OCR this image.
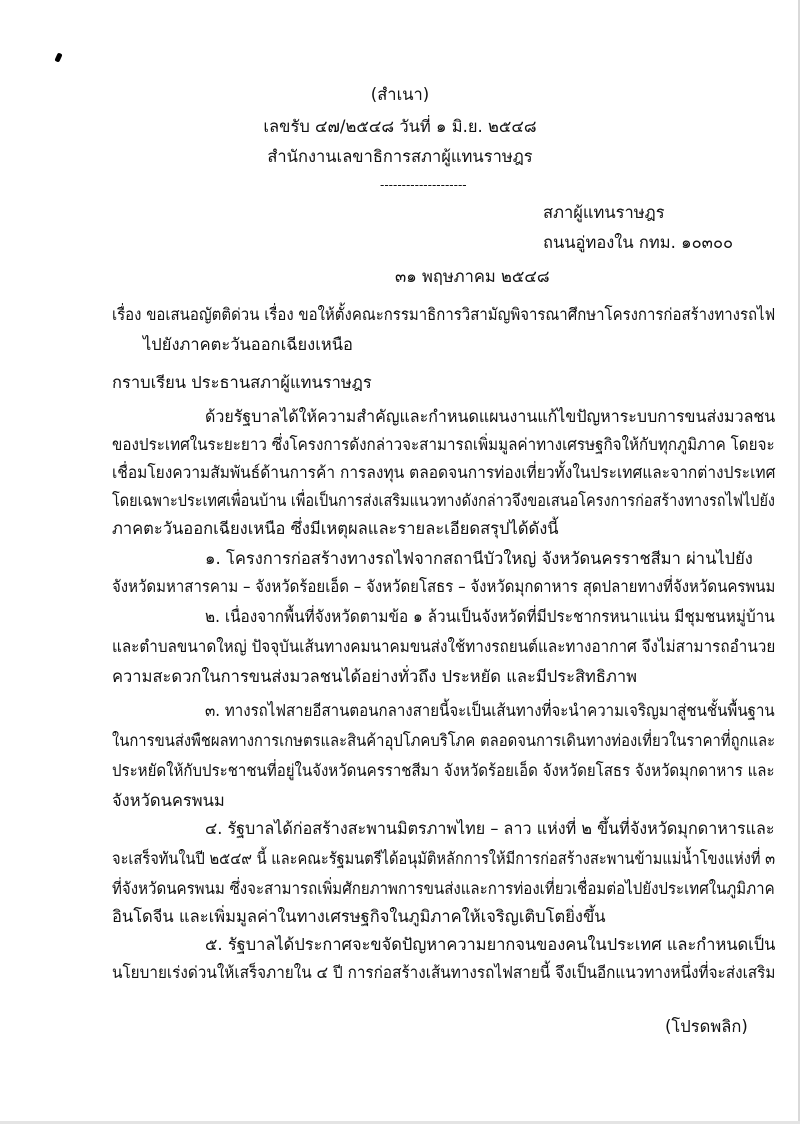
(สำเนา)
เลขรับ ๔๗/๒๕๔๘ วันที่ ๑ มิ.ย. ๒๕๔๘
สำนักงานเลขาธิการสภาผู้แทนราษฎร
--------------------
สภาผู้แทนราษฎร
ถนนอู่ทองใน กทม. ๑๐๓๐๐
๓๑ พฤษภาคม ๒๕๔๘
เรื่อง ขอเสนอญัตติด่วน เรื่อง ขอให้ตั้งคณะกรรมาธิการวิสามัญพิจารณาศึกษาโครงการก่อสร้างทางรถไฟ
ไปยังภาคตะวันออกเฉียงเหนือ
กราบเรียน ประธานสภาผู้แทนราษฎร
ด้วยรัฐบาลได้ให้ความสำคัญและกำหนดแผนงานแก้ไขปัญหาระบบการขนส่งมวลชน
ของประเทศในระยะยาว ซึ่งโครงการดังกล่าวจะสามารถเพิ่มมูลค่าทางเศรษฐกิจให้กับทุกภูมิภาค โดยจะ
เชื่อมโยงความสัมพันธ์ด้านการค้า การลงทุน ตลอดจนการท่องเที่ยวทั้งในประเทศและจากต่างประเทศ
โดยเฉพาะประเทศเพื่อนบ้าน เพื่อเป็นการส่งเสริมแนวทางดังกล่าวจึงขอเสนอโครงการก่อสร้างทางรถไฟไปยัง
ภาคตะวันออกเฉียงเหนือ ซึ่งมีเหตุผลและรายละเอียดสรุปได้ดังนี้
๑. โครงการก่อสร้างทางรถไฟจากสถานีบัวใหญ่ จังหวัดนครราชสีมา ผ่านไปยัง
จังหวัดมหาสารคาม – จังหวัดร้อยเอ็ด – จังหวัดยโสธร – จังหวัดมุกดาหาร สุดปลายทางที่จังหวัดนครพนม
๒. เนื่องจากพื้นที่จังหวัดตามข้อ ๑ ล้วนเป็นจังหวัดที่มีประชากรหนาแน่น มีชุมชนหมู่บ้าน
และตำบลขนาดใหญ่ ปัจจุบันเส้นทางคมนาคมขนส่งใช้ทางรถยนต์และทางอากาศ จึงไม่สามารถอำนวย
ความสะดวกในการขนส่งมวลชนได้อย่างทั่วถึง ประหยัด และมีประสิทธิภาพ
๓. ทางรถไฟสายอีสานตอนกลางสายนี้จะเป็นเส้นทางที่จะนำความเจริญมาสู่ชนชั้นพื้นฐาน
ในการขนส่งพืชผลทางการเกษตรและสินค้าอุปโภคบริโภค ตลอดจนการเดินทางท่องเที่ยวในราคาที่ถูกและ
ประหยัดให้กับประชาชนที่อยู่ในจังหวัดนครราชสีมา จังหวัดร้อยเอ็ด จังหวัดยโสธร จังหวัดมุกดาหาร และ
จังหวัดนครพนม
๔. รัฐบาลได้ก่อสร้างสะพานมิตรภาพไทย – ลาว แห่งที่ ๒ ขึ้นที่จังหวัดมุกดาหารและ
จะเสร็จทันในปี ๒๕๔๙ นี้ และคณะรัฐมนตรีได้อนุมัติหลักการให้มีการก่อสร้างสะพานข้ามแม่น้ำโขงแห่งที่ ๓
ที่จังหวัดนครพนม ซึ่งจะสามารถเพิ่มศักยภาพการขนส่งและการท่องเที่ยวเชื่อมต่อไปยังประเทศในภูมิภาค
อินโดจีน และเพิ่มมูลค่าในทางเศรษฐกิจในภูมิภาคให้เจริญเติบโตยิ่งขึ้น
๕. รัฐบาลได้ประกาศจะขจัดปัญหาความยากจนของคนในประเทศ และกำหนดเป็น
นโยบายเร่งด่วนให้เสร็จภายใน ๔ ปี การก่อสร้างเส้นทางรถไฟสายนี้ จึงเป็นอีกแนวทางหนึ่งที่จะส่งเสริม
(โปรดพลิก)
